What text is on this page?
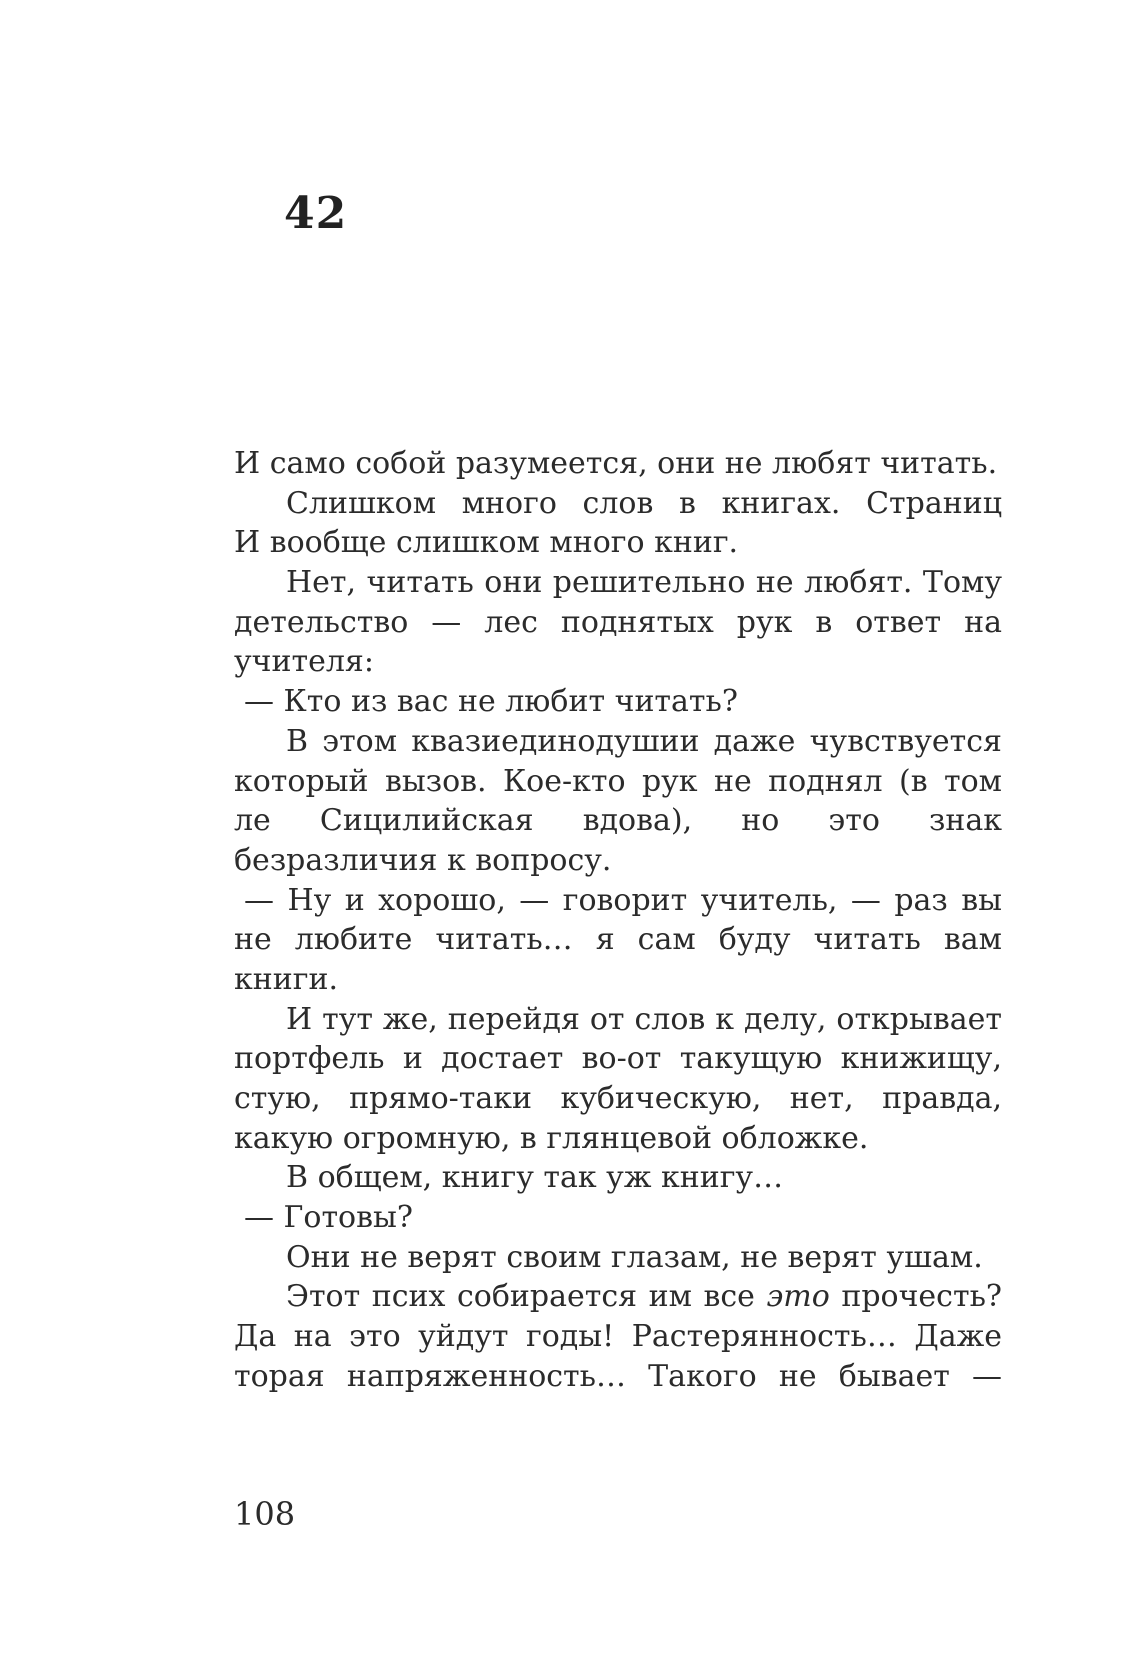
42
И само собой разумеется, они не любят читать.
Слишком много слов в книгах. Страниц
И вообще слишком много книг.
Нет, читать они решительно не любят. Тому
детельство — лес поднятых рук в ответ на
учителя:
— Кто из вас не любит читать?
В этом квазиединодушии даже чувствуется
который вызов. Кое-кто рук не поднял (в том
ле Сицилийская вдова), но это знак
безразличия к вопросу.
— Ну и хорошо, — говорит учитель, — раз вы
не любите читать… я сам буду читать вам
книги.
И тут же, перейдя от слов к делу, открывает
портфель и достает во-от такущую книжищу,
стую, прямо-таки кубическую, нет, правда,
какую огромную, в глянцевой обложке.
В общем, книгу так уж книгу…
— Готовы?
Они не верят своим глазам, не верят ушам.
Этот псих собирается им все это прочесть?
Да на это уйдут годы! Растерянность… Даже
торая напряженность… Такого не бывает —
108
